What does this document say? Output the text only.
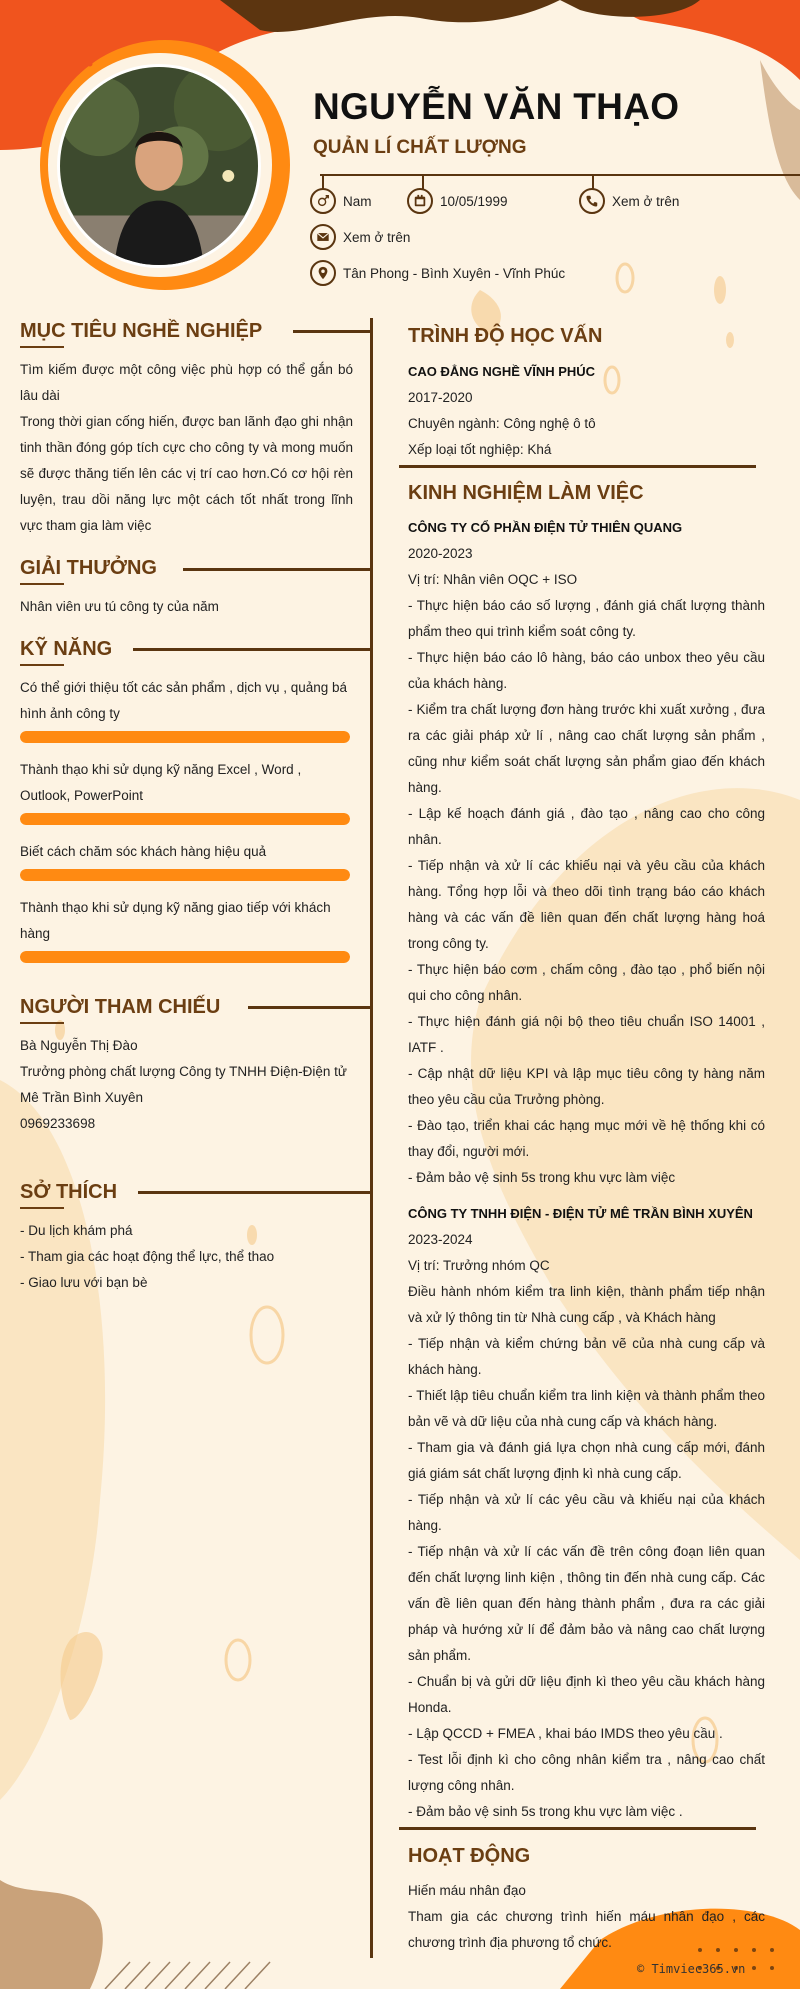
NGUYỄN VĂN THẠO
QUẢN LÍ CHẤT LƯỢNG
Nam	10/05/1999	Xem ở trên
Xem ở trên
Tân Phong - Bình Xuyên - Vĩnh Phúc
MỤC TIÊU NGHỀ NGHIỆP

Tìm kiếm được một công việc phù hợp có thể gắn bó lâu dài

Trong thời gian cống hiến, được ban lãnh đạo ghi nhận tinh thần đóng góp tích cực cho công ty và mong muốn sẽ được thăng tiến lên các vị trí cao hơn.Có cơ hội rèn luyện, trau dồi năng lực một cách tốt nhất trong lĩnh vực tham gia làm việc

GIẢI THƯỞNG

Nhân viên ưu tú công ty của năm

KỸ NĂNG
Có thể giới thiệu tốt các sản phẩm , dịch vụ , quảng bá hình ảnh công ty
Thành thạo khi sử dụng kỹ năng Excel , Word , Outlook, PowerPoint
Biết cách chăm sóc khách hàng hiệu quả
Thành thạo khi sử dụng kỹ năng giao tiếp với khách hàng
NGƯỜI THAM CHIẾU

Bà Nguyễn Thị Đào

Trưởng phòng chất lượng Công ty TNHH Điện-Điện tử Mê Trần Bình Xuyên

0969233698

SỞ THÍCH

- Du lịch khám phá

- Tham gia các hoạt động thể lực, thể thao

- Giao lưu với bạn bè

TRÌNH ĐỘ HỌC VẤN

CAO ĐẲNG NGHỀ VĨNH PHÚC

2017-2020

Chuyên ngành: Công nghệ ô tô

Xếp loại tốt nghiệp: Khá

KINH NGHIỆM LÀM VIỆC

CÔNG TY CỔ PHẦN ĐIỆN TỬ THIÊN QUANG

2020-2023

Vị trí: Nhân viên OQC + ISO

- Thực hiện báo cáo số lượng , đánh giá chất lượng thành phẩm theo qui trình kiểm soát công ty.

- Thực hiện báo cáo lô hàng, báo cáo unbox theo yêu cầu của khách hàng.

- Kiểm tra chất lượng đơn hàng trước khi xuất xưởng , đưa ra các giải pháp xử lí , nâng cao chất lượng sản phẩm , cũng như kiểm soát chất lượng sản phẩm giao đến khách hàng.

- Lập kế hoạch đánh giá , đào tạo , nâng cao cho công nhân.

- Tiếp nhận và xử lí các khiếu nại và yêu cầu của khách hàng. Tổng hợp lỗi và theo dõi tình trạng báo cáo khách hàng và các vấn đề liên quan đến chất lượng hàng hoá trong công ty.

- Thực hiện báo cơm , chấm công , đào tạo , phổ biến nội qui cho công nhân.

- Thực hiện đánh giá nội bộ theo tiêu chuẩn ISO 14001 , IATF .

- Cập nhật dữ liệu KPI và lập mục tiêu công ty hàng năm theo yêu cầu của Trưởng phòng.

- Đào tạo, triển khai các hạng mục mới về hệ thống khi có thay đổi, người mới.

- Đảm bảo vệ sinh 5s trong khu vực làm việc

CÔNG TY TNHH ĐIỆN - ĐIỆN TỬ MÊ TRẦN BÌNH XUYÊN

2023-2024

Vị trí: Trưởng nhóm QC

Điều hành nhóm kiểm tra linh kiện, thành phẩm tiếp nhận và xử lý thông tin từ Nhà cung cấp , và Khách hàng

- Tiếp nhận và kiểm chứng bản vẽ của nhà cung cấp và khách hàng.

- Thiết lập tiêu chuẩn kiểm tra linh kiện và thành phẩm theo bản vẽ và dữ liệu của nhà cung cấp và khách hàng.

- Tham gia và đánh giá lựa chọn nhà cung cấp mới, đánh giá giám sát chất lượng định kì nhà cung cấp.

- Tiếp nhận và xử lí các yêu cầu và khiếu nại của khách hàng.

- Tiếp nhận và xử lí các vấn đề trên công đoạn liên quan đến chất lượng linh kiện , thông tin đến nhà cung cấp. Các vấn đề liên quan đến hàng thành phẩm , đưa ra các giải pháp và hướng xử lí để đảm bảo và nâng cao chất lượng sản phẩm.

- Chuẩn bị và gửi dữ liệu định kì theo yêu cầu khách hàng Honda.

- Lập QCCD + FMEA , khai báo IMDS theo yêu cầu .

- Test lỗi định kì cho công nhân kiểm tra , nâng cao chất lượng công nhân.

- Đảm bảo vệ sinh 5s trong khu vực làm việc .

HOẠT ĐỘNG

Hiến máu nhân đạo

Tham gia các chương trình hiến máu nhân đạo , các chương trình địa phương tổ chức.

© Timviec365.vn
